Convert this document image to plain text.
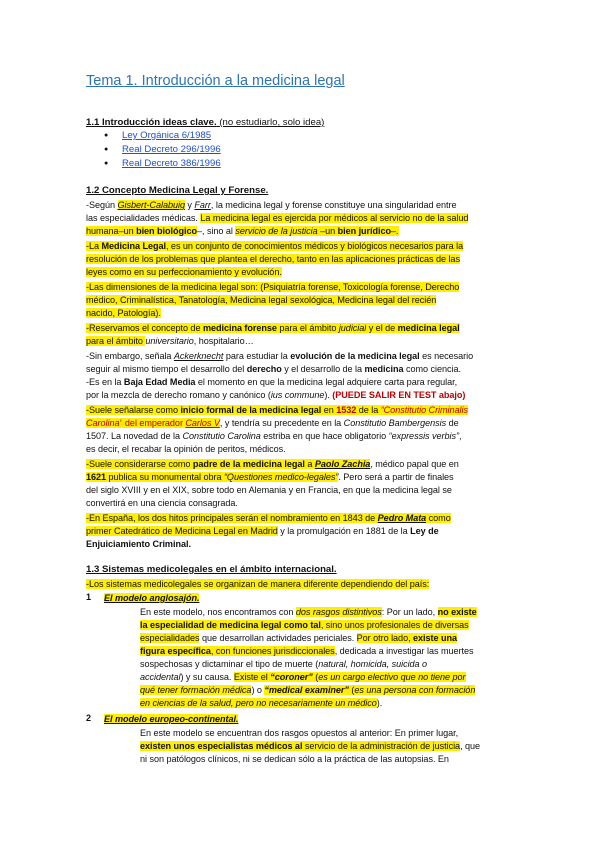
Tema 1. Introducción a la medicina legal
1.1 Introducción ideas clave. (no estudiarlo, solo idea)
● Ley Orgánica 6/1985
● Real Decreto 296/1996
● Real Decreto 386/1996
1.2 Concepto Medicina Legal y Forense.
-Según Gisbert-Calabuig y Farr, la medicina legal y forense constituye una singularidad entre
las especialidades médicas. La medicina legal es ejercida por médicos al servicio no de la salud
humana–un bien biológico–, sino al servicio de la justicia –un bien jurídico–.
-La Medicina Legal, es un conjunto de conocimientos médicos y biológicos necesarios para la
resolución de los problemas que plantea el derecho, tanto en las aplicaciones prácticas de las
leyes como en su perfeccionamiento y evolución.
-Las dimensiones de la medicina legal son: (Psiquiatría forense, Toxicología forense, Derecho
médico, Criminalística, Tanatología, Medicina legal sexológica, Medicina legal del recién
nacido, Patología).
-Reservamos el concepto de medicina forense para el ámbito judicial y el de medicina legal
para el ámbito universitario, hospitalario…
-Sin embargo, señala Ackerknecht para estudiar la evolución de la medicina legal es necesario
seguir al mismo tiempo el desarrollo del derecho y el desarrollo de la medicina como ciencia.
-Es en la Baja Edad Media el momento en que la medicina legal adquiere carta para regular,
por la mezcla de derecho romano y canónico (ius commune). (PUEDE SALIR EN TEST abajo)
-Suele señalarse como inicio formal de la medicina legal en 1532 de la “Constitutio Criminalis
Carolina” del emperador Carlos V, y tendría su precedente en la Constitutio Bambergensis de
1507. La novedad de la Constitutio Carolina estriba en que hace obligatorio “expressis verbis”,
es decir, el recabar la opinión de peritos, médicos.
-Suele considerarse como padre de la medicina legal a Paolo Zachia, médico papal que en
1621 publica su monumental obra “Questiones medico-legales”. Pero será a partir de finales
del siglo XVIII y en el XIX, sobre todo en Alemania y en Francia, en que la medicina legal se
convertirá en una ciencia consagrada.
-En España, los dos hitos principales serán el nombramiento en 1843 de Pedro Mata como
primer Catedrático de Medicina Legal en Madrid y la promulgación en 1881 de la Ley de
Enjuiciamiento Criminal.
1.3 Sistemas medicolegales en el ámbito internacional.
-Los sistemas medicolegales se organizan de manera diferente dependiendo del país:
1 El modelo anglosajón.
En este modelo, nos encontramos con dos rasgos distintivos: Por un lado, no existe
la especialidad de medicina legal como tal, sino unos profesionales de diversas
especialidades que desarrollan actividades periciales. Por otro lado, existe una
figura específica, con funciones jurisdiccionales, dedicada a investigar las muertes
sospechosas y dictaminar el tipo de muerte (natural, homicida, suicida o
accidental) y su causa. Existe el “coroner” (es un cargo electivo que no tiene por
qué tener formación médica) o “medical examiner” (es una persona con formación
en ciencias de la salud, pero no necesariamente un médico).
2 El modelo europeo-continental.
En este modelo se encuentran dos rasgos opuestos al anterior: En primer lugar,
existen unos especialistas médicos al servicio de la administración de justicia, que
ni son patólogos clínicos, ni se dedican sólo a la práctica de las autopsias. En
